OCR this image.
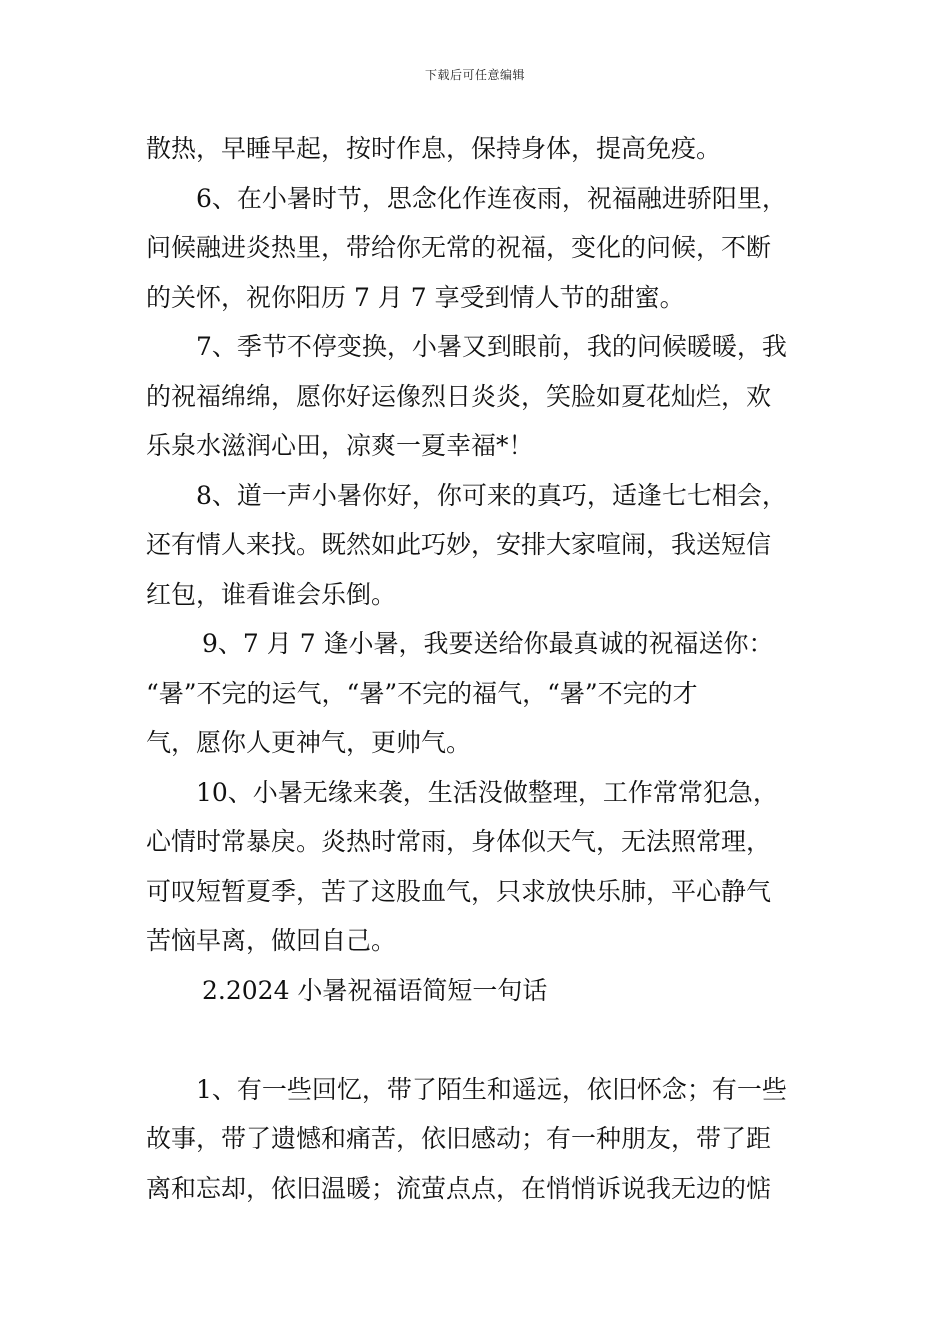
下载后可任意编辑
散热，早睡早起，按时作息，保持身体，提高免疫。
6、在小暑时节，思念化作连夜雨，祝福融进骄阳里，
问候融进炎热里，带给你无常的祝福，变化的问候，不断
的关怀，祝你阳历 7 月 7 享受到情人节的甜蜜。
7、季节不停变换，小暑又到眼前，我的问候暖暖，我
的祝福绵绵，愿你好运像烈日炎炎，笑脸如夏花灿烂，欢
乐泉水滋润心田，凉爽一夏幸福*！
8、道一声小暑你好，你可来的真巧，适逢七七相会，
还有情人来找。既然如此巧妙，安排大家喧闹，我送短信
红包，谁看谁会乐倒。
9、7 月 7 逢小暑，我要送给你最真诚的祝福送你：
“暑”不完的运气，“暑”不完的福气，“暑”不完的才
气，愿你人更神气，更帅气。
10、小暑无缘来袭，生活没做整理，工作常常犯急，
心情时常暴戾。炎热时常雨，身体似天气，无法照常理，
可叹短暂夏季，苦了这股血气，只求放快乐肺，平心静气
苦恼早离，做回自己。
2.2024 小暑祝福语简短一句话
1、有一些回忆，带了陌生和遥远，依旧怀念；有一些
故事，带了遗憾和痛苦，依旧感动；有一种朋友，带了距
离和忘却，依旧温暖；流萤点点，在悄悄诉说我无边的惦
